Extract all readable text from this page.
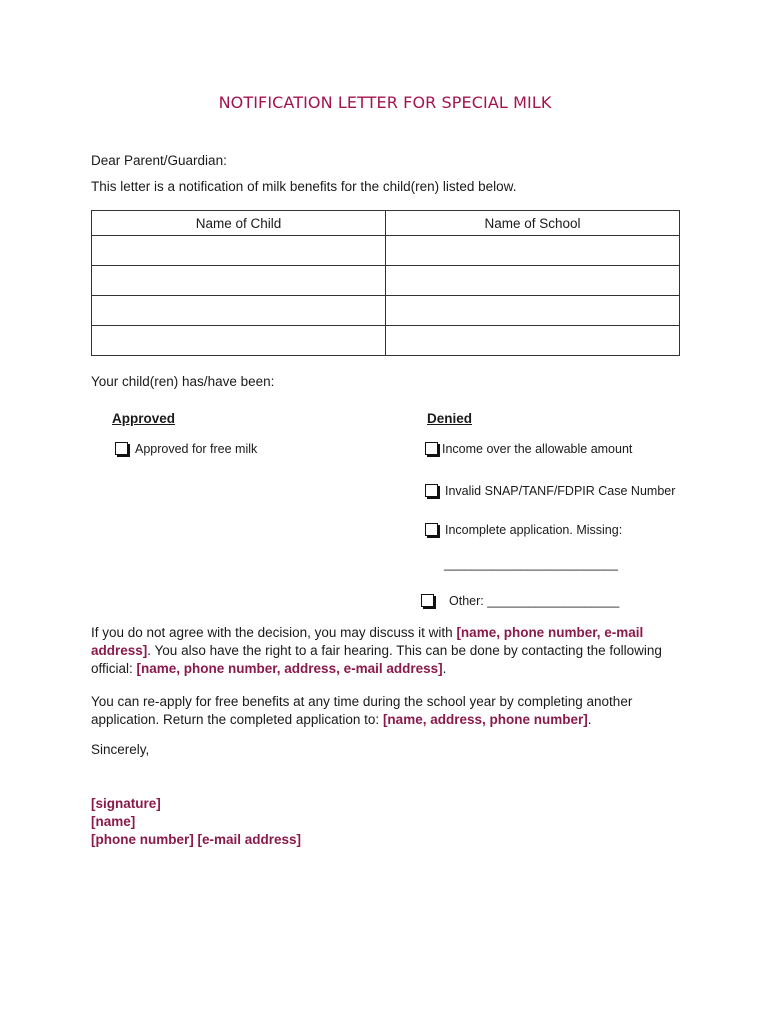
NOTIFICATION LETTER FOR SPECIAL MILK
Dear Parent/Guardian:
This letter is a notification of milk benefits for the child(ren) listed below.
Name of Child	Name of School

Your child(ren) has/have been:
Approved	Denied
Approved for free milk	Income over the allowable amount
Invalid SNAP/TANF/FDPIR Case Number
Incomplete application. Missing:
_________________________
Other: ___________________
If you do not agree with the decision, you may discuss it with [name, phone number, e-mail address]. You also have the right to a fair hearing. This can be done by contacting the following official: [name, phone number, address, e-mail address].
You can re-apply for free benefits at any time during the school year by completing another application. Return the completed application to: [name, address, phone number].
Sincerely,
[signature]
[name]
[phone number] [e-mail address]
